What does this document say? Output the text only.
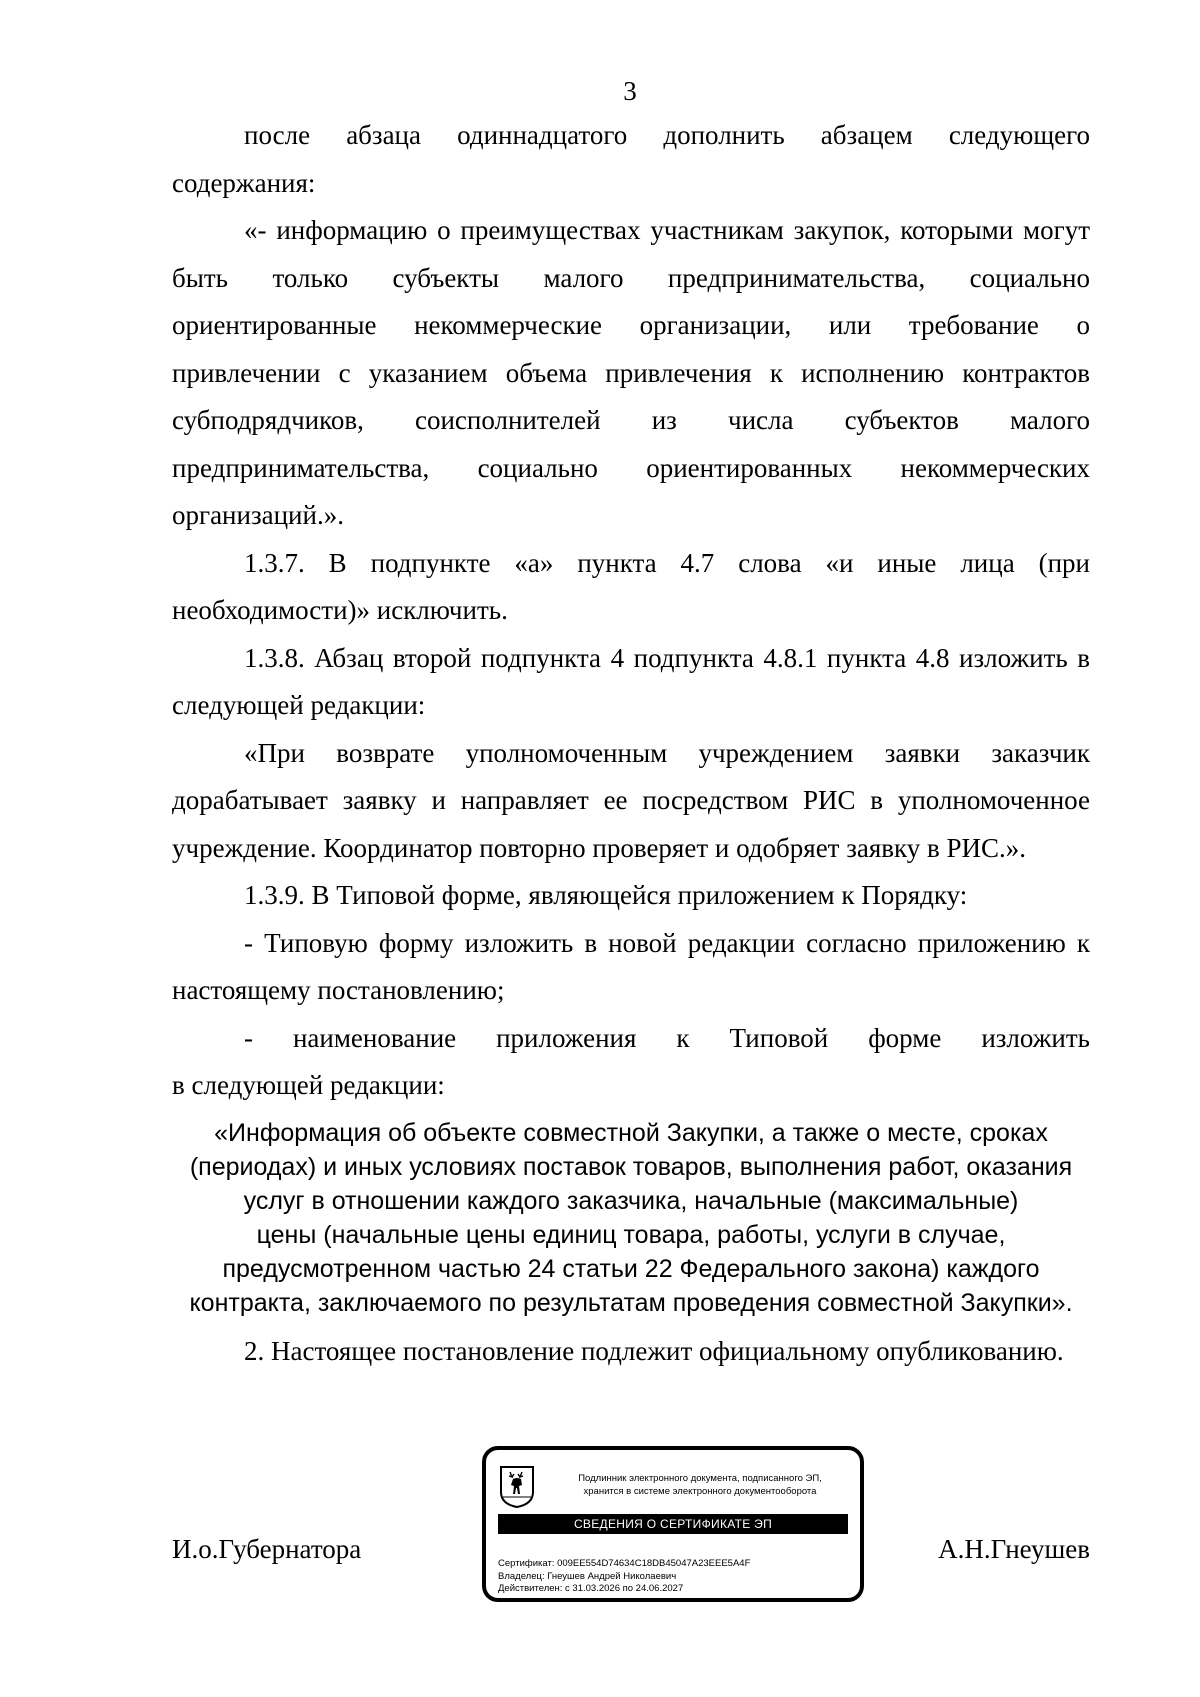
3

после абзаца одиннадцатого дополнить абзацем следующего содержания:

«- информацию о преимуществах участникам закупок, которыми могут быть только субъекты малого предпринимательства, социально ориентированные некоммерческие организации, или требование о привлечении с указанием объема привлечения к исполнению контрактов субподрядчиков, соисполнителей из числа субъектов малого предпринимательства, социально ориентированных некоммерческих организаций.».

1.3.7. В подпункте «а» пункта 4.7 слова «и иные лица (при необходимости)» исключить.

1.3.8. Абзац второй подпункта 4 подпункта 4.8.1 пункта 4.8 изложить в следующей редакции:

«При возврате уполномоченным учреждением заявки заказчик дорабатывает заявку и направляет ее посредством РИС в уполномоченное учреждение. Координатор повторно проверяет и одобряет заявку в РИС.».

1.3.9. В Типовой форме, являющейся приложением к Порядку:

- Типовую форму изложить в новой редакции согласно приложению к настоящему постановлению;

- наименование приложения к Типовой форме изложить

в следующей редакции:

«Информация об объекте совместной Закупки, а также о месте, сроках
(периодах) и иных условиях поставок товаров, выполнения работ, оказания
услуг в отношении каждого заказчика, начальные (максимальные)
цены (начальные цены единиц товара, работы, услуги в случае,
предусмотренном частью 24 статьи 22 Федерального закона) каждого
контракта, заключаемого по результатам проведения совместной Закупки».

2. Настоящее постановление подлежит официальному опубликованию.

И.о.Губернатора	А.Н.Гнеушев
Подлинник электронного документа, подписанного ЭП,
хранится в системе электронного документооборота
СВЕДЕНИЯ О СЕРТИФИКАТЕ ЭП
Сертификат: 009EE554D74634C18DB45047A23EEE5A4F
Владелец: Гнеушев Андрей Николаевич
Действителен: с 31.03.2026 по 24.06.2027
